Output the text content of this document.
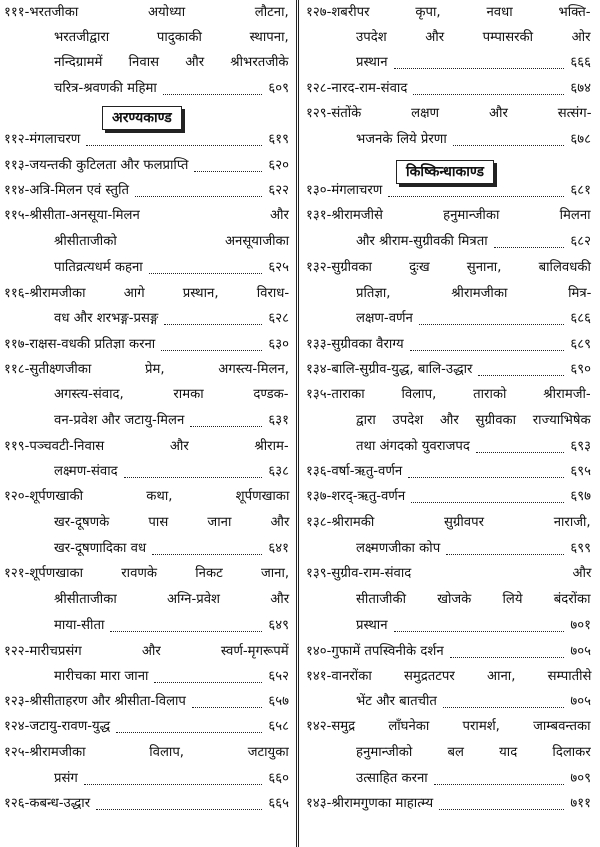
१११-भरतजीका अयोध्या लौटना,
भरतजीद्वारा पादुकाकी स्थापना,
नन्दिग्राममें निवास और श्रीभरतजीके
चरित्र-श्रवणकी महिमा	६०९
अरण्यकाण्ड
११२-मंगलाचरण	६१९
११३-जयन्तकी कुटिलता और फलप्राप्ति	६२०
११४-अत्रि-मिलन एवं स्तुति	६२२
११५-श्रीसीता-अनसूया-मिलन और
श्रीसीताजीको अनसूयाजीका
पातिव्रत्यधर्म कहना	६२५
११६-श्रीरामजीका आगे प्रस्थान, विराध-
वध और शरभङ्ग-प्रसङ्ग	६२८
११७-राक्षस-वधकी प्रतिज्ञा करना	६३०
११८-सुतीक्ष्णजीका प्रेम, अगस्त्य-मिलन,
अगस्त्य-संवाद, रामका दण्डक-
वन-प्रवेश और जटायु-मिलन	६३१
११९-पञ्चवटी-निवास और श्रीराम-
लक्ष्मण-संवाद	६३८
१२०-शूर्पणखाकी कथा, शूर्पणखाका
खर-दूषणके पास जाना और
खर-दूषणादिका वध	६४१
१२१-शूर्पणखाका रावणके निकट जाना,
श्रीसीताजीका अग्नि-प्रवेश और
माया-सीता	६४९
१२२-मारीचप्रसंग और स्वर्ण-मृगरूपमें
मारीचका मारा जाना	६५२
१२३-श्रीसीताहरण और श्रीसीता-विलाप	६५७
१२४-जटायु-रावण-युद्ध	६५८
१२५-श्रीरामजीका विलाप, जटायुका
प्रसंग	६६०
१२६-कबन्ध-उद्धार	६६५
१२७-शबरीपर कृपा, नवधा भक्ति-
उपदेश और पम्पासरकी ओर
प्रस्थान	६६६
१२८-नारद-राम-संवाद	६७४
१२९-संतोंके लक्षण और सत्संग-
भजनके लिये प्रेरणा	६७८
किष्किन्धाकाण्ड
१३०-मंगलाचरण	६८१
१३१-श्रीरामजीसे हनुमान्जीका मिलना
और श्रीराम-सुग्रीवकी मित्रता	६८२
१३२-सुग्रीवका दुःख सुनाना, बालिवधकी
प्रतिज्ञा, श्रीरामजीका मित्र-
लक्षण-वर्णन	६८६
१३३-सुग्रीवका वैराग्य	६८९
१३४-बालि-सुग्रीव-युद्ध, बालि-उद्धार	६९०
१३५-ताराका विलाप, ताराको श्रीरामजी-
द्वारा उपदेश और सुग्रीवका राज्याभिषेक
तथा अंगदको युवराजपद	६९३
१३६-वर्षा-ऋतु-वर्णन	६९५
१३७-शरद्-ऋतु-वर्णन	६९७
१३८-श्रीरामकी सुग्रीवपर नाराजी,
लक्ष्मणजीका कोप	६९९
१३९-सुग्रीव-राम-संवाद और
सीताजीकी खोजके लिये बंदरोंका
प्रस्थान	७०१
१४०-गुफामें तपस्विनीके दर्शन	७०५
१४१-वानरोंका समुद्रतटपर आना, सम्पातीसे
भेंट और बातचीत	७०५
१४२-समुद्र लाँघनेका परामर्श, जाम्बवन्तका
हनुमान्जीको बल याद दिलाकर
उत्साहित करना	७०९
१४३-श्रीरामगुणका माहात्म्य	७११
